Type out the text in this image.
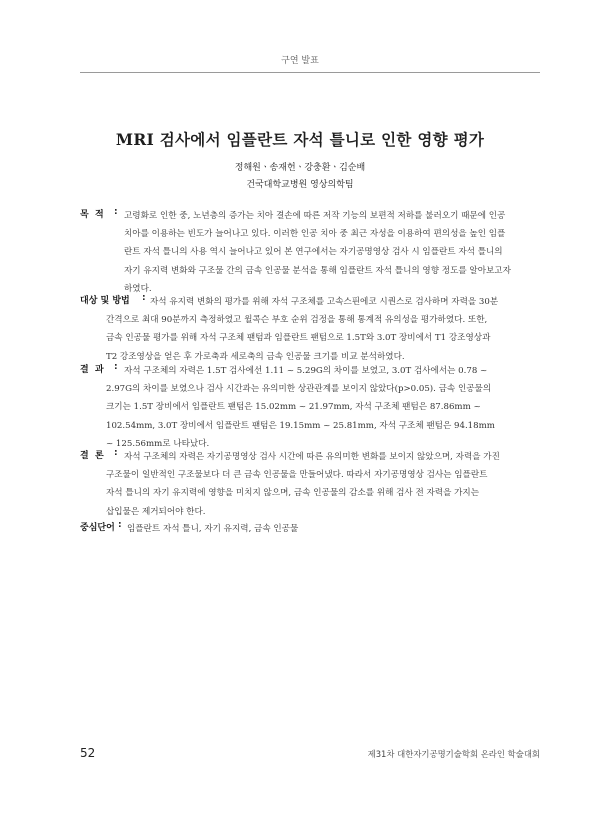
구연 발표
MRI 검사에서 임플란트 자석 틀니로 인한 영향 평가
정해원ㆍ송재헌ㆍ강충환ㆍ김순배
건국대학교병원 영상의학팀
목  적 : 고령화로 인한 중, 노년층의 증가는 치아 결손에 따른 저작 기능의 보편적 저하를 불러오기 때문에 인공
치아를 이용하는 빈도가 늘어나고 있다. 이러한 인공 치아 중 최근 자성을 이용하여 편의성을 높인 임플
란트 자석 틀니의 사용 역시 늘어나고 있어 본 연구에서는 자기공명영상 검사 시 임플란트 자석 틀니의
자기 유지력 변화와 구조물 간의 금속 인공물 분석을 통해 임플란트 자석 틀니의 영향 정도를 알아보고자
하였다.
대상 및 방법 : 자석 유지력 변화의 평가를 위해 자석 구조체를 고속스핀에코 시퀀스로 검사하며 자력을 30분
간격으로 최대 90분까지 측정하였고 윌콕슨 부호 순위 검정을 통해 통계적 유의성을 평가하였다. 또한,
금속 인공물 평가를 위해 자석 구조체 팬텀과 임플란트 팬텀으로 1.5T와 3.0T 장비에서 T1 강조영상과
T2 강조영상을 얻은 후 가로축과 세로축의 금속 인공물 크기를 비교 분석하였다.
결  과 : 자석 구조체의 자력은 1.5T 검사에선 1.11 ~ 5.29G의 차이를 보였고, 3.0T 검사에서는 0.78 ~
2.97G의 차이를 보였으나 검사 시간과는 유의미한 상관관계를 보이지 않았다(p>0.05). 금속 인공물의
크기는 1.5T 장비에서 임플란트 팬텀은 15.02mm ~ 21.97mm, 자석 구조체 팬텀은 87.86mm ~
102.54mm, 3.0T 장비에서 임플란트 팬텀은 19.15mm ~ 25.81mm, 자석 구조체 팬텀은 94.18mm
~ 125.56mm로 나타났다.
결  론 : 자석 구조체의 자력은 자기공명영상 검사 시간에 따른 유의미한 변화를 보이지 않았으며, 자력을 가진
구조물이 일반적인 구조물보다 더 큰 금속 인공물을 만들어냈다. 따라서 자기공명영상 검사는 임플란트
자석 틀니의 자기 유지력에 영향을 미치지 않으며, 금속 인공물의 감소를 위해 검사 전 자력을 가지는
삽입물은 제거되어야 한다.
중심단어 : 임플란트 자석 틀니, 자기 유지력, 금속 인공물
52	제31차 대한자기공명기술학회 온라인 학술대회
